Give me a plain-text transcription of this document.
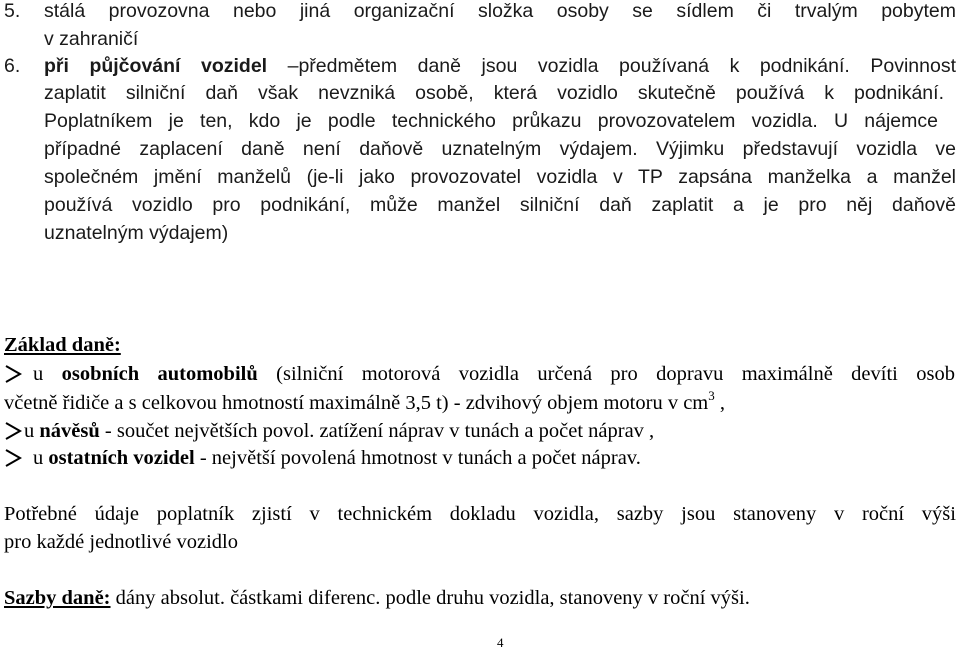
5. stálá provozovna nebo jiná organizační složka osoby se sídlem či trvalým pobytem
v zahraničí
6. při půjčování vozidel –předmětem daně jsou vozidla používaná k podnikání. Povinnost
zaplatit silniční daň však nevzniká osobě, která vozidlo skutečně používá k podnikání.
Poplatníkem je ten, kdo je podle technického průkazu provozovatelem vozidla. U nájemce
případné zaplacení daně není daňově uznatelným výdajem. Výjimku představují vozidla ve
společném jmění manželů (je-li jako provozovatel vozidla v TP zapsána manželka a manžel
používá vozidlo pro podnikání, může manžel silniční daň zaplatit a je pro něj daňově
uznatelným výdajem)
Základ daně:
u osobních automobilů (silniční motorová vozidla určená pro dopravu maximálně devíti osob
včetně řidiče a s celkovou hmotností maximálně 3,5 t) - zdvihový objem motoru v $cm^3$ ,
u návěsů - součet největších povol. zatížení náprav v tunách a počet náprav ,
u ostatních vozidel - největší povolená hmotnost v tunách a počet náprav.
Potřebné údaje poplatník zjistí v technickém dokladu vozidla, sazby jsou stanoveny v roční výši
pro každé jednotlivé vozidlo
Sazby daně: dány absolut. částkami diferenc. podle druhu vozidla, stanoveny v roční výši.
4
